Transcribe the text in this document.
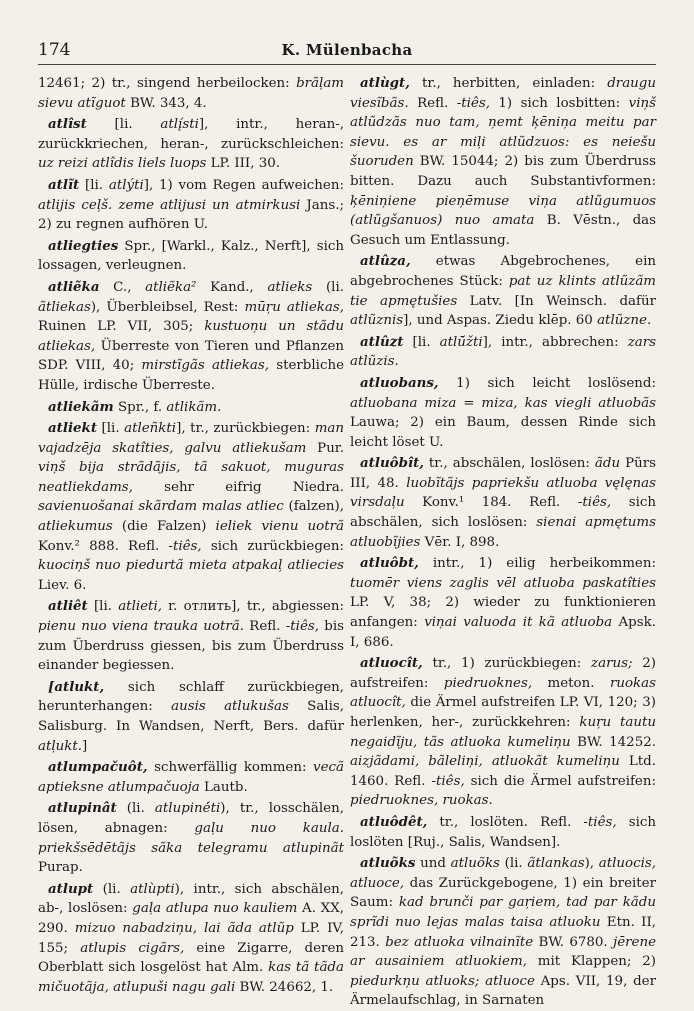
174	K. Mülenbacha

12461; 2) tr., singend herbeilocken: brãļam sievu atĩguot BW. 343, 4.

atlîst [li. atlį́sti], intr., heran-, zurückkriechen, heran-, zurückschleichen: uz reizi atlîdis liels luops LP. III, 30.

atlĩt [li. atlýti], 1) vom Regen aufweichen: atlijis ceļš. zeme atlijusi un atmirkusi Jans.; 2) zu regnen aufhören U.

atliegties Spr., [Warkl., Kalz., Nerft], sich lossagen, verleugnen.

atliẽka C., atliẽka² Kand., atlieks (li. ãtliekas), Überbleibsel, Rest: mūŗu atliekas, Ruinen LP. VII, 305; kustuoņu un stãdu atliekas, Überreste von Tieren und Pflanzen SDP. VIII, 40; mirstĩgãs atliekas, sterbliche Hülle, irdische Überreste.

atliekãm Spr., f. atlikãm.

atliekt [li. atleñkti], tr., zurückbiegen: man vajadzēja skatîties, galvu atliekušam Pur. viņš bija strãdãjis, tã sakuot, muguras neatliekdams, sehr eifrig Niedra. savienuošanai skãrdam malas atliec (falzen), atliekumus (die Falzen) ieliek vienu uotrã Konv.² 888. Refl. -tiês, sich zurückbiegen: kuociņš nuo piedurtã mieta atpakaļ atliecies Liev. 6.

atliêt [li. atlieti, r. отлить], tr., abgiessen: pienu nuo viena trauka uotrã. Refl. -tiês, bis zum Überdruss giessen, bis zum Überdruss einander begiessen.

[atlukt, sich schlaff zurückbiegen, herunterhangen: ausis atlukušas Salis, Salisburg. In Wandsen, Nerft, Bers. dafür atļukt.]

atlumpačuôt, schwerfällig kommen: vecã aptieksne atlumpačuoja Lautb.

atlupinât (li. atlupinė́ti), tr., losschälen, lösen, abnagen: gaļu nuo kaula. priekšsēdētãjs sãka telegramu atlupinãt Purap.

atlupt (li. atlùpti), intr., sich abschälen, ab-, loslösen: gaļa atlupa nuo kauliem A. XX, 290. mizuo nabadziņu, lai ãda atlũp LP. IV, 155; atlupis cigãrs, eine Zigarre, deren Oberblatt sich losgelöst hat Alm. kas tã tãda mičuotãja, atlupuši nagu gali BW. 24662, 1.

atlùgt, tr., herbitten, einladen: draugu viesĩbãs. Refl. -tiês, 1) sich losbitten: viņš atlũdzãs nuo tam, ņemt ķēniņa meitu par sievu. es ar miļi atlũdzuos: es neiešu šuoruden BW. 15044; 2) bis zum Überdruss bitten. Dazu auch Substantivformen: ķēniņiene pieņēmuse viņa atlũgumuos (atlũgšanuos) nuo amata B. Vēstn., das Gesuch um Entlassung.

atlûza, etwas Abgebrochenes, ein abgebrochenes Stück: pat uz klints atlũzãm tie apmętušies Latv. [In Weinsch. dafür atlũznis], und Aspas. Ziedu klēp. 60 atlũzne.

atlûzt [li. atlū́žti], intr., abbrechen: zars atlũzis.

atluobans, 1) sich leicht loslösend: atluobana miza = miza, kas viegli atluobãs Lauwa; 2) ein Baum, dessen Rinde sich leicht löset U.

atluôbît, tr., abschälen, loslösen: ãdu Pũrs III, 48. luobĩtãjs papriekšu atluoba vęlęnas virsdaļu Konv.¹ 184. Refl. -tiês, sich abschälen, sich loslösen: sienai apmętums atluobĩjies Vēr. I, 898.

atluôbt, intr., 1) eilig herbeikommen: tuomēr viens zaglis vēl atluoba paskatîties LP. V, 38; 2) wieder zu funktionieren anfangen: viņai valuoda it kã atluoba Apsk. I, 686.

atluocît, tr., 1) zurückbiegen: zarus; 2) aufstreifen: piedruoknes, meton. ruokas atluocît, die Ärmel aufstreifen LP. VI, 120; 3) herlenken, her-, zurückkehren: kuŗu tautu negaidĩju, tãs atluoka kumeliņu BW. 14252. aizjãdami, bãleliņi, atluokãt kumeliņu Ltd. 1460. Refl. -tiês, sich die Ärmel aufstreifen: piedruoknes, ruokas.

atluôdêt, tr., loslöten. Refl. -tiês, sich loslöten [Ruj., Salis, Wandsen].

atluõks und atluõks (li. ãtlankas), atluocis, atluoce, das Zurückgebogene, 1) ein breiter Saum: kad brunči par gaŗiem, tad par kãdu sprĩdi nuo lejas malas taisa atluoku Etn. II, 213. bez atluoka vilnainĩte BW. 6780. jērene ar ausainiem atluokiem, mit Klappen; 2) piedurkņu atluoks; atluoce Aps. VII, 19, der Ärmelaufschlag, in Sarnaten
